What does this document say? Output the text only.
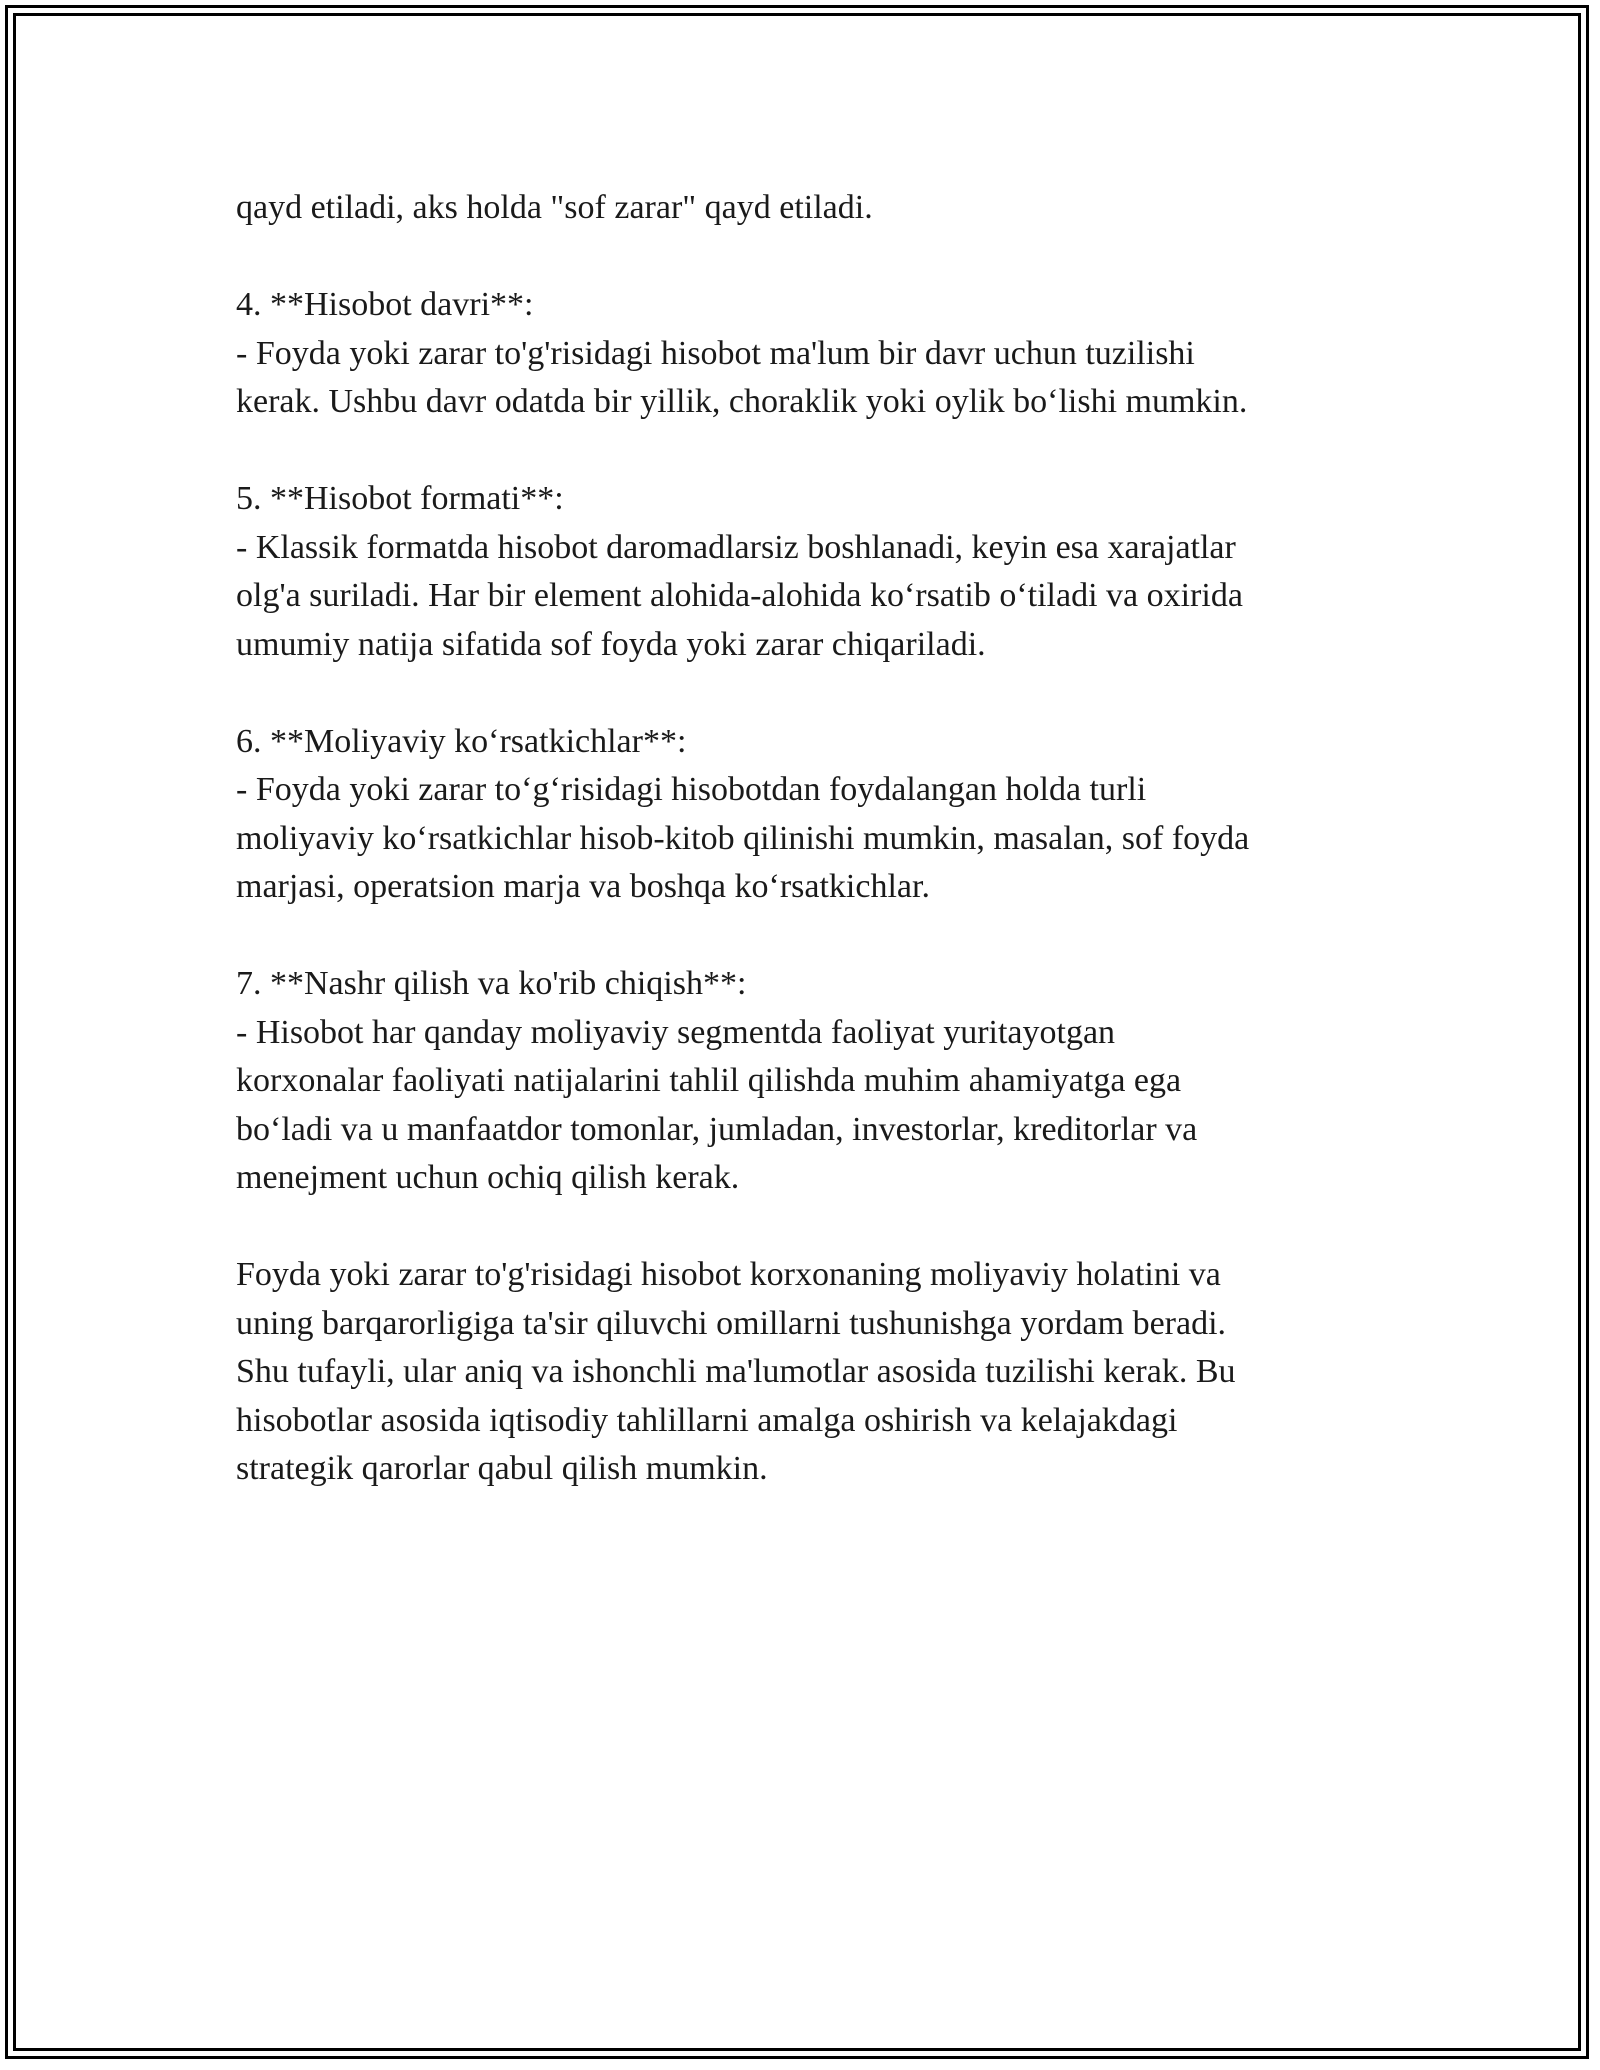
qayd etiladi, aks holda "sof zarar" qayd etiladi.
4. **Hisobot davri**:
- Foyda yoki zarar to'g'risidagi hisobot ma'lum bir davr uchun tuzilishi
kerak. Ushbu davr odatda bir yillik, choraklik yoki oylik bo‘lishi mumkin.
5. **Hisobot formati**:
- Klassik formatda hisobot daromadlarsiz boshlanadi, keyin esa xarajatlar
olg'a suriladi. Har bir element alohida-alohida ko‘rsatib o‘tiladi va oxirida
umumiy natija sifatida sof foyda yoki zarar chiqariladi.
6. **Moliyaviy ko‘rsatkichlar**:
- Foyda yoki zarar to‘g‘risidagi hisobotdan foydalangan holda turli
moliyaviy ko‘rsatkichlar hisob-kitob qilinishi mumkin, masalan, sof foyda
marjasi, operatsion marja va boshqa ko‘rsatkichlar.
7. **Nashr qilish va ko'rib chiqish**:
- Hisobot har qanday moliyaviy segmentda faoliyat yuritayotgan
korxonalar faoliyati natijalarini tahlil qilishda muhim ahamiyatga ega
bo‘ladi va u manfaatdor tomonlar, jumladan, investorlar, kreditorlar va
menejment uchun ochiq qilish kerak.
Foyda yoki zarar to'g'risidagi hisobot korxonaning moliyaviy holatini va
uning barqarorligiga ta'sir qiluvchi omillarni tushunishga yordam beradi.
Shu tufayli, ular aniq va ishonchli ma'lumotlar asosida tuzilishi kerak. Bu
hisobotlar asosida iqtisodiy tahlillarni amalga oshirish va kelajakdagi
strategik qarorlar qabul qilish mumkin.
